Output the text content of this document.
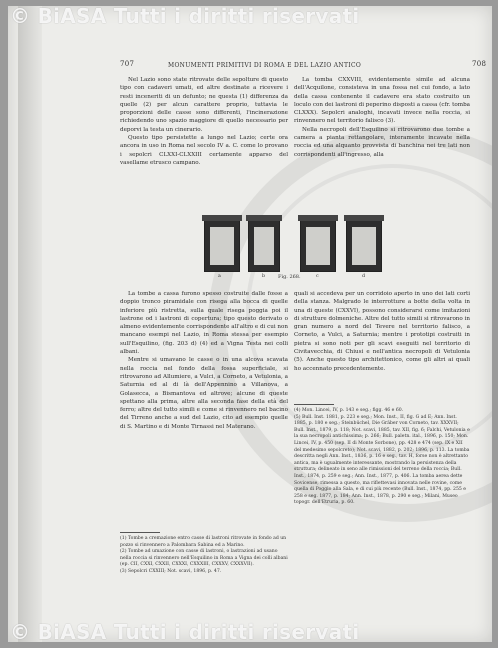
707	MONUMENTI PRIMITIVI DI ROMA E DEL LAZIO ANTICO	708

Nel Lazio sono state ritrovate delle sepolture di questo tipo con cadaveri umati, ed altre destinate a ricevere i resti inceneriti di un defunto; ne questa (1) differenza da quelle (2) per alcun carattere proprio, tuttavia le proporzioni delle casse sono differenti, l'incinerazione richiedendo uno spazio maggiore di quello necessario per deporvi la testa un cinerario.

Questo tipo persistette a lungo nel Lazio; certe ora ancora in uso in Roma nel secolo IV a. C. come lo provano i sepolcri CLXXI-CLXXIII certamente apparso del vasellame etrusco campano.

La tomba CXXVIII, evidentemente simile ad alcuna dell'Acquilone, consisteva in una fossa nel cui fondo, a lato della cassa contenente il cadavere era stato costruito un loculo con dei lastroni di peperino disposti a cassa (cfr. tomba CLXXX). Sepolcri analoghi, incavati invece nella roccia, si rinvennero nel territorio falisco (3).

Nella necropoli dell'Esquilino si ritrovarono due tombe a camera a pianta rettangolare, interamente incavate nella roccia ed una alquanto provvista di banchina nei tre lati non corrispondenti all'ingresso, alla

a	b	Fig. 268.	c	d

La tombe a cassa furono spesso costruite dalle fosse a doppio tronco piramidale con risega alla bocca di quelle inferiore più ristretta, sulla quale risega poggia poi il lastrone od i lastroni di copertura; tipo questo derivato o almeno evidentemente corrispondente all'altro e di cui non mancano esempi nel Lazio, in Roma stessa per esempio sull'Esquilino, (fig. 203 d) (4) ed a Vigna Testa nei colli albani.

Mentre si umavano le casse o in una alcova scavata nella roccia nel fondo della fossa superficiale, si ritrovarono ad Allumiere, a Vulci, a Corneto, a Vetulonia, a Saturnia ed al di là dell'Appennino a Villanova, a Golasecca, a Bismantova ed altrove; alcune di queste spettano alla prima, altre alla seconda fase della età del ferro; altre del tutto simili e come si rinvennero nel bacino del Tirreno anche a sud del Lazio, cito ad esempio quelle di S. Martino e di Monte Tirnassi nel Materano.

quali si accedeva per un corridoio aperto in uno dei lati corti della stanza. Malgrado le interrotture a botte della volta in una di queste (CXXVI), possono considerarsi come imitazioni di strutture dolmeniche. Altre del tutto simili si ritrovarono in gran numero a nord del Tevere nel territorio falisco, a Corneto, a Vulci, a Saturnia; mentre i prototipi costruiti in pietra si sono noti per gli scavi eseguiti nel territorio di Civitavecchia, di Chiusi e nell'antica necropoli di Vetulonia (5). Anche questo tipo architettonico, come gli altri ai quali ho accennato precedentemente.

(4) Mon. Lincei, IV, p. 143 e seg.; figg. 46 e 60.

(5) Bull. Inst. 1881, p. 223 e seg.; Mon. Inst., II, fig. G ad E; Ann. Inst. 1885, p. 180 e seg.; Steinbüchel, Die Gräber von Corneto, tav. XXXVII; Bull. Inst., 1879, p. 118; Not. scavi, 1885, tav. XII, fig. 6; Falchi, Vetulonia e la sua necropoli antichissima; p. 266; Bull. paletn. ital., 1896, p. 150; Mon. Lincei, IV, p. 450 (sep. II di Monte Sorbone), pp. 428 e 474 (sep. IX e XII del medesimo sepolcreto); Not. scavi, 1882, p. 202; 1896, p. 113. La tomba descritta negli Ann. Inst., 1836, p. 16 e seg., tav. H, forse non è altrettanto antica, ma è ugualmente interessante, mostrando la persistenza della struttura; delineato in seno alle rimissioni del terreno della roccia; Bull. Inst., 1874, p. 259 e seg.; Ann. Inst., 1877, p. 406. La tomba aerea dette Sovicense, rimessa a questo, ma riflettevasi innovata nelle rovine, come quella di Poggio alla Sala, e di cui più recente (Bull. Inst., 1874, pp. 255 e 258 e seg. 1877, p. 184; Ann. Inst., 1878, p. 290 e seg.; Milani, Museo topogr. dell'Etruria, p. 60.

(1) Tombe a cremazione entro casse di lastroni ritrovate in fondo ad un pozzo si rinvennero a Palombara Sabina ed a Marino.

(2) Tombe ad umazione con casse di lastroni, o lastrazioni ad usano nella roccia si rinvennero nell'Esquilino in Roma a Vigna dei colli albani (ep. CII, CXXI, CXXII, CXXXI, CXXXIII, CXXXV, CXXXVII).

(3) Sepolcri CXXIII; Not. scavi, 1896, p. 47.

© BiASA Tutti i diritti riservati
© BiASA Tutti i diritti riservati
